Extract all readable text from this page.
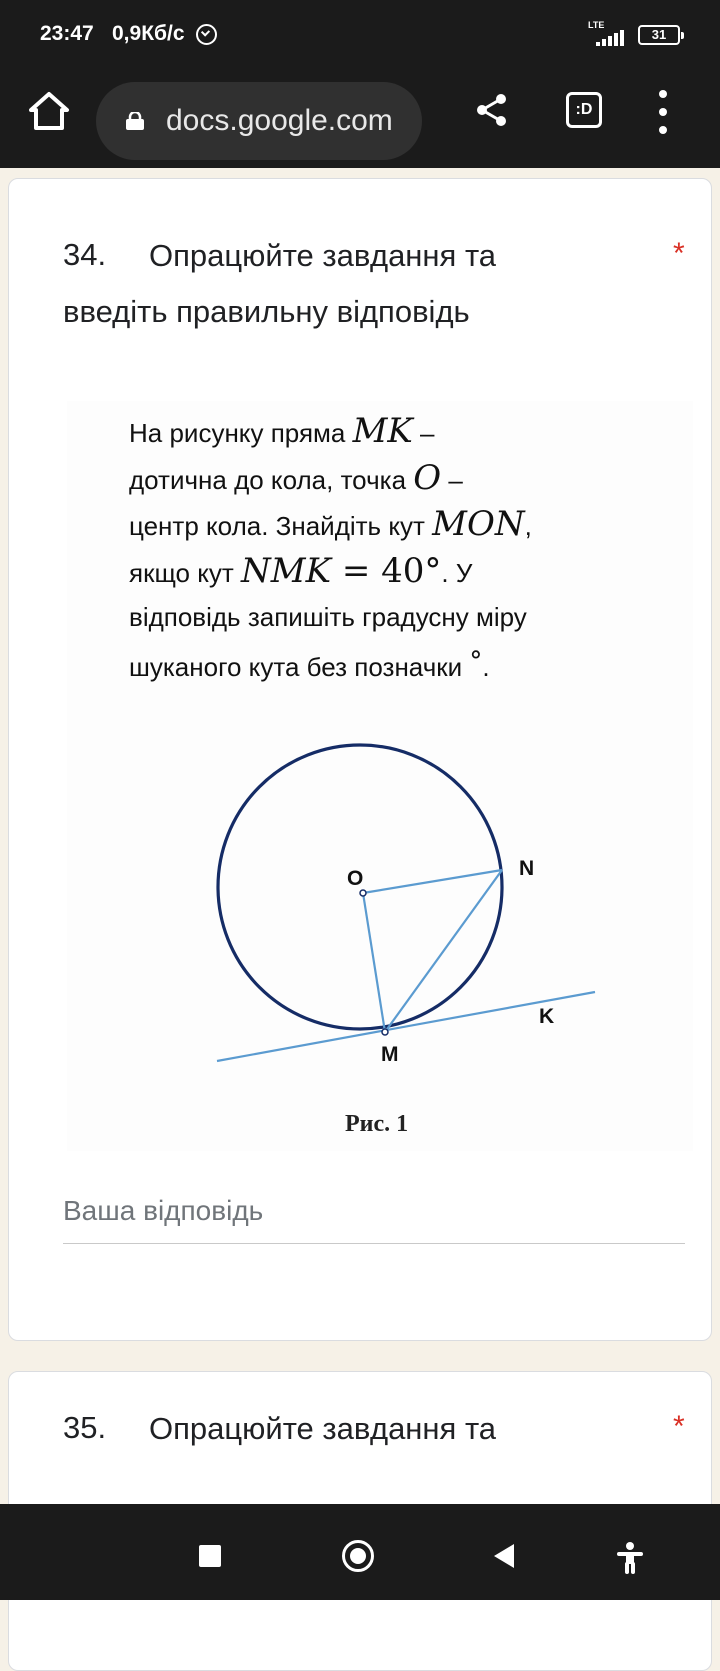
23:47 0,9Кб/с	LTE
31
docs.google.com	:D
34. Опрацюйте завдання та
введіть правильну відповідь
*
На рисунку пряма MK –
дотична до кола, точка O –
центр кола. Знайдіть кут MON,
якщо кут NMK = 40°. У
відповідь запишіть градусну міру
шуканого кута без позначки °.
O	N
M
K
Рис. 1
Ваша відповідь
35. Опрацюйте завдання та	*
